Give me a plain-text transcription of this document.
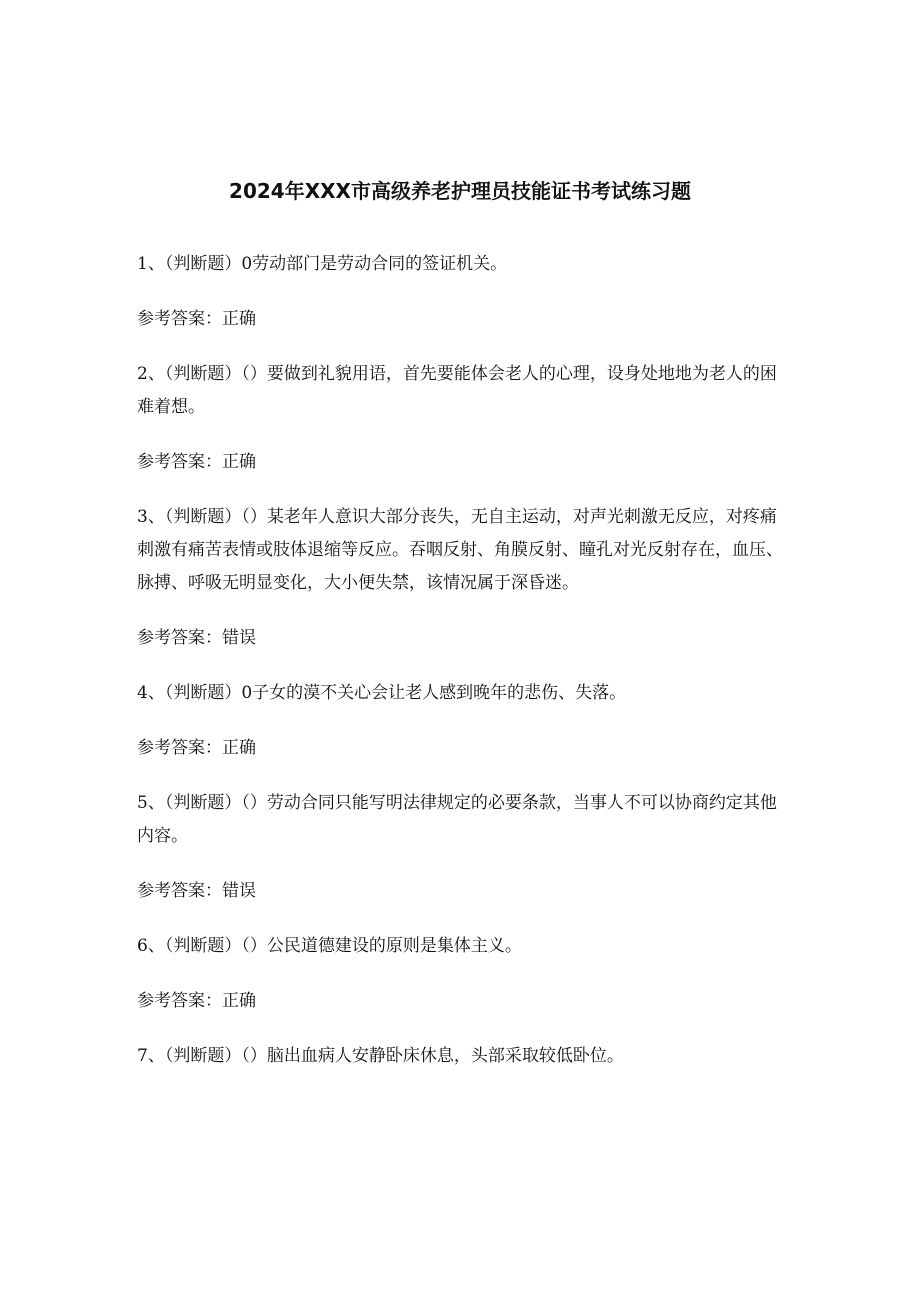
2024年XXX市高级养老护理员技能证书考试练习题
1、（判断题）0劳动部门是劳动合同的签证机关。
参考答案：正确
2、（判断题）（）要做到礼貌用语，首先要能体会老人的心理，设身处地地为老人的困难着想。
参考答案：正确
3、（判断题）（）某老年人意识大部分丧失，无自主运动，对声光刺激无反应，对疼痛刺激有痛苦表情或肢体退缩等反应。吞咽反射、角膜反射、瞳孔对光反射存在，血压、脉搏、呼吸无明显变化，大小便失禁，该情况属于深昏迷。
参考答案：错误
4、（判断题）0子女的漠不关心会让老人感到晚年的悲伤、失落。
参考答案：正确
5、（判断题）（）劳动合同只能写明法律规定的必要条款，当事人不可以协商约定其他内容。
参考答案：错误
6、（判断题）（）公民道德建设的原则是集体主义。
参考答案：正确
7、（判断题）（）脑出血病人安静卧床休息，头部采取较低卧位。
